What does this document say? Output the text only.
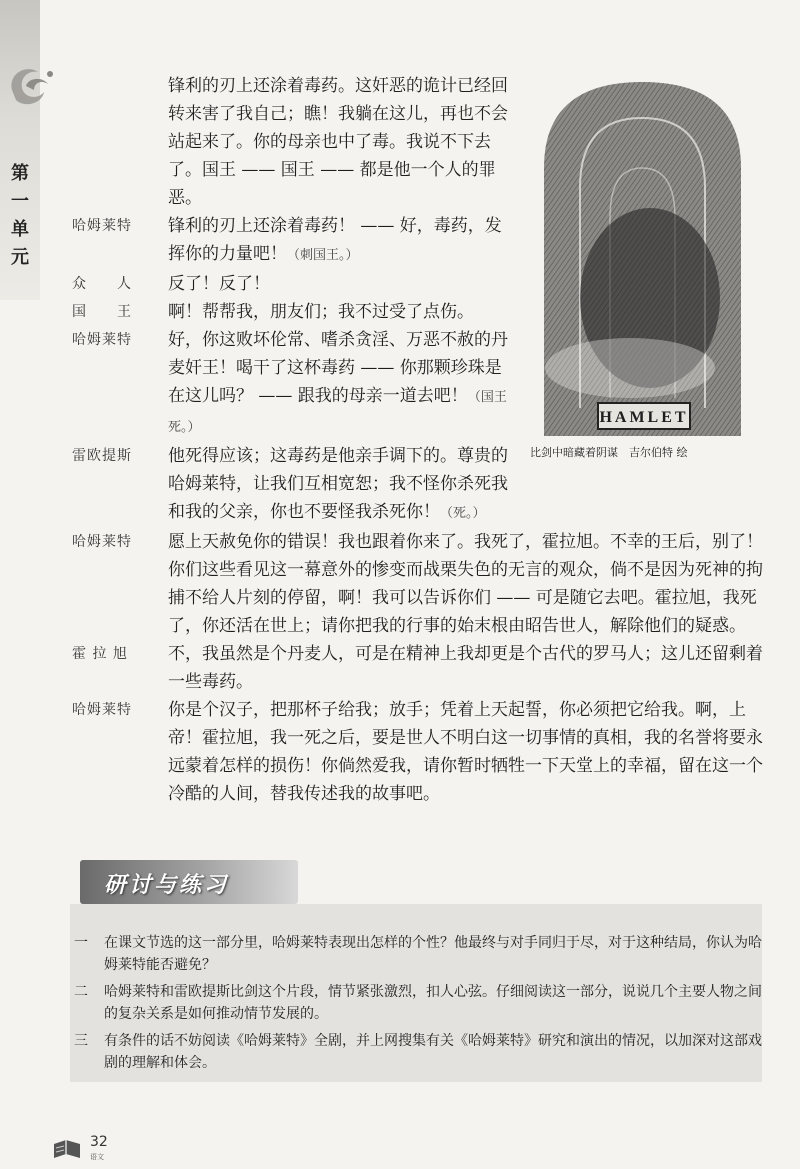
第一单元
锋利的刃上还涂着毒药。这奸恶的诡计已经回转来害了我自己；瞧！我躺在这儿，再也不会站起来了。你的母亲也中了毒。我说不下去了。国王 —— 国王 —— 都是他一个人的罪恶。
哈姆莱特	锋利的刃上还涂着毒药！ —— 好，毒药，发挥你的力量吧！（刺国王。）
众　　人	反了！反了！
国　　王	啊！帮帮我，朋友们；我不过受了点伤。
哈姆莱特	好，你这败坏伦常、嗜杀贪淫、万恶不赦的丹麦奸王！喝干了这杯毒药 —— 你那颗珍珠是在这儿吗？ —— 跟我的母亲一道去吧！（国王死。）
雷欧提斯	他死得应该；这毒药是他亲手调下的。尊贵的哈姆莱特，让我们互相宽恕；我不怪你杀死我和我的父亲，你也不要怪我杀死你！（死。）
哈姆莱特	愿上天赦免你的错误！我也跟着你来了。我死了，霍拉旭。不幸的王后，别了！你们这些看见这一幕意外的惨变而战栗失色的无言的观众，倘不是因为死神的拘捕不给人片刻的停留，啊！我可以告诉你们 —— 可是随它去吧。霍拉旭，我死了，你还活在世上；请你把我的行事的始末根由昭告世人，解除他们的疑惑。
霍 拉 旭	不，我虽然是个丹麦人，可是在精神上我却更是个古代的罗马人；这儿还留剩着一些毒药。
哈姆莱特	你是个汉子，把那杯子给我；放手；凭着上天起誓，你必须把它给我。啊，上帝！霍拉旭，我一死之后，要是世人不明白这一切事情的真相，我的名誉将要永远蒙着怎样的损伤！你倘然爱我，请你暂时牺牲一下天堂上的幸福，留在这一个冷酷的人间，替我传述我的故事吧。
HAMLET
比剑中暗藏着阴谋　吉尔伯特 绘
研讨与练习
一	在课文节选的这一部分里，哈姆莱特表现出怎样的个性？他最终与对手同归于尽，对于这种结局，你认为哈姆莱特能否避免？
二	哈姆莱特和雷欧提斯比剑这个片段，情节紧张激烈，扣人心弦。仔细阅读这一部分，说说几个主要人物之间的复杂关系是如何推动情节发展的。
三	有条件的话不妨阅读《哈姆莱特》全剧，并上网搜集有关《哈姆莱特》研究和演出的情况，以加深对这部戏剧的理解和体会。
32
语文
